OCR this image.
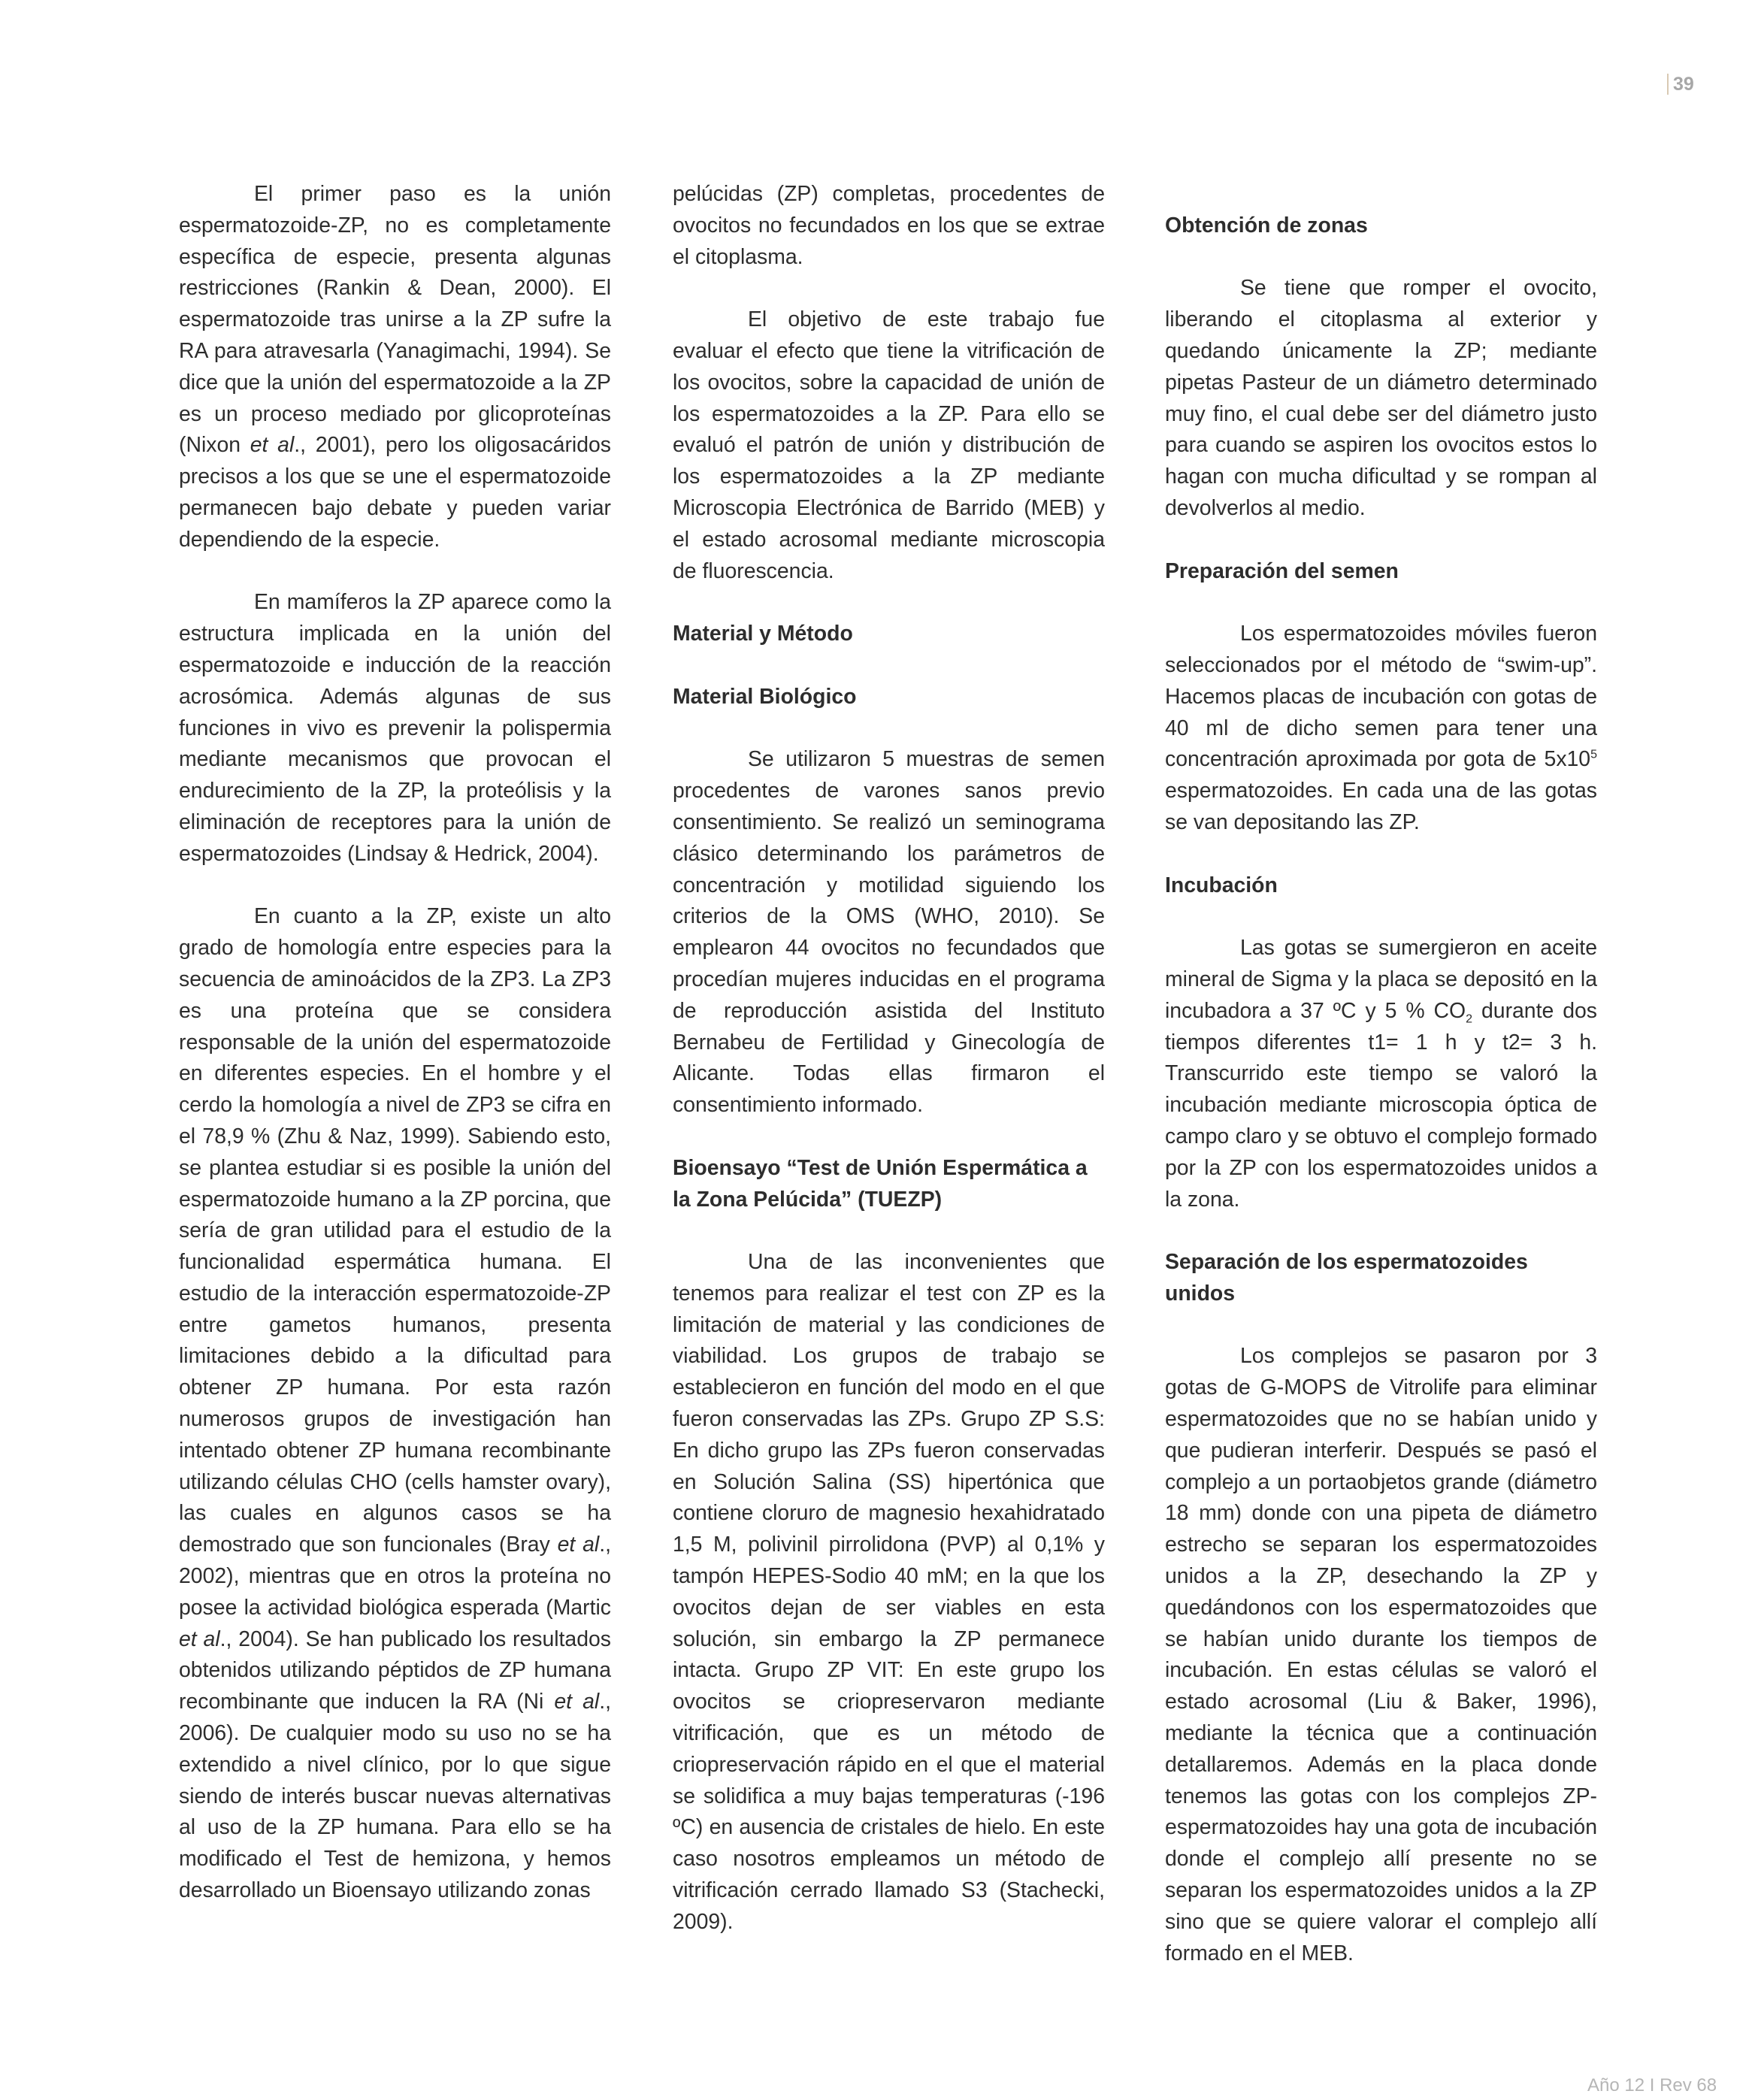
39

El primer paso es la unión espermatozoide-ZP, no es completamente específica de especie, presenta algunas restricciones (Rankin & Dean, 2000). El espermatozoide tras unirse a la ZP sufre la RA para atravesarla (Yanagimachi, 1994). Se dice que la unión del espermatozoide a la ZP es un proceso mediado por glicoproteínas (Nixon et al., 2001), pero los oligosacáridos precisos a los que se une el espermatozoide permanecen bajo debate y pueden variar dependiendo de la especie.

En mamíferos la ZP aparece como la estructura implicada en la unión del espermatozoide e inducción de la reacción acrosómica. Además algunas de sus funciones in vivo es prevenir la polispermia mediante mecanismos que provocan el endurecimiento de la ZP, la proteólisis y la eliminación de receptores para la unión de espermatozoides (Lindsay & Hedrick, 2004).

En cuanto a la ZP, existe un alto grado de homología entre especies para la secuencia de aminoácidos de la ZP3. La ZP3 es una proteína que se considera responsable de la unión del espermatozoide en diferentes especies. En el hombre y el cerdo la homología a nivel de ZP3 se cifra en el 78,9 % (Zhu & Naz, 1999). Sabiendo esto, se plantea estudiar si es posible la unión del espermatozoide humano a la ZP porcina, que sería de gran utilidad para el estudio de la funcionalidad espermática humana. El estudio de la interacción espermatozoide-ZP entre gametos humanos, presenta limitaciones debido a la dificultad para obtener ZP humana. Por esta razón numerosos grupos de investigación han intentado obtener ZP humana recombinante utilizando células CHO (cells hamster ovary), las cuales en algunos casos se ha demostrado que son funcionales (Bray et al., 2002), mientras que en otros la proteína no posee la actividad biológica esperada (Martic et al., 2004). Se han publicado los resultados obtenidos utilizando péptidos de ZP humana recombinante que inducen la RA (Ni et al., 2006). De cualquier modo su uso no se ha extendido a nivel clínico, por lo que sigue siendo de interés buscar nuevas alternativas al uso de la ZP humana. Para ello se ha modificado el Test de hemizona, y hemos desarrollado un Bioensayo utilizando zonas

pelúcidas (ZP) completas, procedentes de ovocitos no fecundados en los que se extrae el citoplasma.

El objetivo de este trabajo fue evaluar el efecto que tiene la vitrificación de los ovocitos, sobre la capacidad de unión de los espermatozoides a la ZP. Para ello se evaluó el patrón de unión y distribución de los espermatozoides a la ZP mediante Microscopia Electrónica de Barrido (MEB) y el estado acrosomal mediante microscopia de fluorescencia.

Material y Método

Material Biológico

Se utilizaron 5 muestras de semen procedentes de varones sanos previo consentimiento. Se realizó un seminograma clásico determinando los parámetros de concentración y motilidad siguiendo los criterios de la OMS (WHO, 2010). Se emplearon 44 ovocitos no fecundados que procedían mujeres inducidas en el programa de reproducción asistida del Instituto Bernabeu de Fertilidad y Ginecología de Alicante. Todas ellas firmaron el consentimiento informado.

Bioensayo “Test de Unión Espermática a la Zona Pelúcida” (TUEZP)

Una de las inconvenientes que tenemos para realizar el test con ZP es la limitación de material y las condiciones de viabilidad. Los grupos de trabajo se establecieron en función del modo en el que fueron conservadas las ZPs. Grupo ZP S.S: En dicho grupo las ZPs fueron conservadas en Solución Salina (SS) hipertónica que contiene cloruro de magnesio hexahidratado 1,5 M, polivinil pirrolidona (PVP) al 0,1% y tampón HEPES-Sodio 40 mM; en la que los ovocitos dejan de ser viables en esta solución, sin embargo la ZP permanece intacta. Grupo ZP VIT: En este grupo los ovocitos se criopreservaron mediante vitrificación, que es un método de criopreservación rápido en el que el material se solidifica a muy bajas temperaturas (-196 ºC) en ausencia de cristales de hielo. En este caso nosotros empleamos un método de vitrificación cerrado llamado S3 (Stachecki, 2009).

Obtención de zonas

Se tiene que romper el ovocito, liberando el citoplasma al exterior y quedando únicamente la ZP; mediante pipetas Pasteur de un diámetro determinado muy fino, el cual debe ser del diámetro justo para cuando se aspiren los ovocitos estos lo hagan con mucha dificultad y se rompan al devolverlos al medio.

Preparación del semen

Los espermatozoides móviles fueron seleccionados por el método de “swim-up”. Hacemos placas de incubación con gotas de 40 ml de dicho semen para tener una concentración aproximada por gota de $5x10^5$ espermatozoides. En cada una de las gotas se van depositando las ZP.

Incubación

Las gotas se sumergieron en aceite mineral de Sigma y la placa se depositó en la incubadora a 37 ºC y 5 % $CO_2$ durante dos tiempos diferentes t1= 1 h y t2= 3 h. Transcurrido este tiempo se valoró la incubación mediante microscopia óptica de campo claro y se obtuvo el complejo formado por la ZP con los espermatozoides unidos a la zona.

Separación de los espermatozoides unidos

Los complejos se pasaron por 3 gotas de G-MOPS de Vitrolife para eliminar espermatozoides que no se habían unido y que pudieran interferir. Después se pasó el complejo a un portaobjetos grande (diámetro 18 mm) donde con una pipeta de diámetro estrecho se separan los espermatozoides unidos a la ZP, desechando la ZP y quedándonos con los espermatozoides que se habían unido durante los tiempos de incubación. En estas células se valoró el estado acrosomal (Liu & Baker, 1996), mediante la técnica que a continuación detallaremos. Además en la placa donde tenemos las gotas con los complejos ZP-espermatozoides hay una gota de incubación donde el complejo allí presente no se separan los espermatozoides unidos a la ZP sino que se quiere valorar el complejo allí formado en el MEB.

Año 12 I Rev 68
